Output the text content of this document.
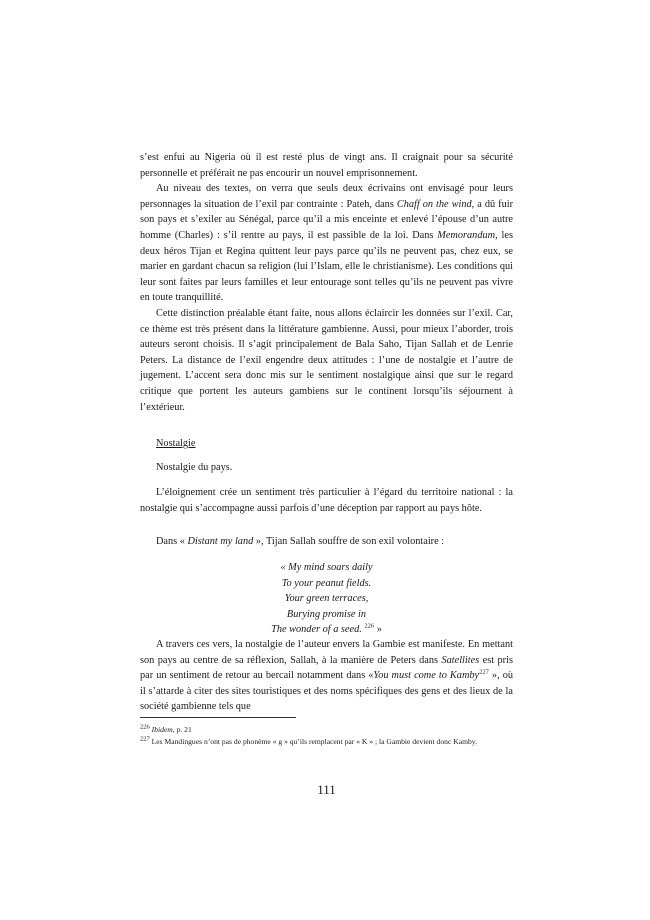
s’est enfui au Nigeria où il est resté plus de vingt ans. Il craignait pour sa sécurité personnelle et préférait ne pas encourir un nouvel emprisonnement.

Au niveau des textes, on verra que seuls deux écrivains ont envisagé pour leurs personnages la situation de l’exil par contrainte : Pateh, dans Chaff on the wind, a dû fuir son pays et s’exiler au Sénégal, parce qu’il a mis enceinte et enlevé l’épouse d’un autre homme (Charles) : s’il rentre au pays, il est passible de la loi. Dans Memorandum, les deux héros Tijan et Regina quittent leur pays parce qu’ils ne peuvent pas, chez eux, se marier en gardant chacun sa religion (lui l’Islam, elle le christianisme). Les conditions qui leur sont faites par leurs familles et leur entourage sont telles qu’ils ne peuvent pas vivre en toute tranquillité.

Cette distinction préalable étant faite, nous allons éclaircir les données sur l’exil. Car, ce thème est très présent dans la littérature gambienne. Aussi, pour mieux l’aborder, trois auteurs seront choisis. Il s’agit principalement de Bala Saho, Tijan Sallah et de Lenrie Peters. La distance de l’exil engendre deux attitudes : l’une de nostalgie et l’autre de jugement. L’accent sera donc mis sur le sentiment nostalgique ainsi que sur le regard critique que portent les auteurs gambiens sur le continent lorsqu’ils séjournent à l’extérieur.

Nostalgie

Nostalgie du pays.

L’éloignement crée un sentiment très particulier à l’égard du territoire national : la nostalgie qui s’accompagne aussi parfois d’une déception par rapport au pays hôte.

Dans « Distant my land », Tijan Sallah souffre de son exil volontaire :

« My mind soars daily
To your peanut fields.
Your green terraces,
Burying promise in
The wonder of a seed. $^{226}$ »

A travers ces vers, la nostalgie de l’auteur envers la Gambie est manifeste. En mettant son pays au centre de sa réflexion, Sallah, à la manière de Peters dans Satellites est pris par un sentiment de retour au bercail notamment dans «You must come to Kamby$^{227}$ », où il s’attarde à citer des sites touristiques et des noms spécifiques des gens et des lieux de la société gambienne tels que

226 Ibidem, p. 21

227 Les Mandingues n’ont pas de phonème « g » qu’ils remplacent par « K » ; la Gambie devient donc Kamby.

111
